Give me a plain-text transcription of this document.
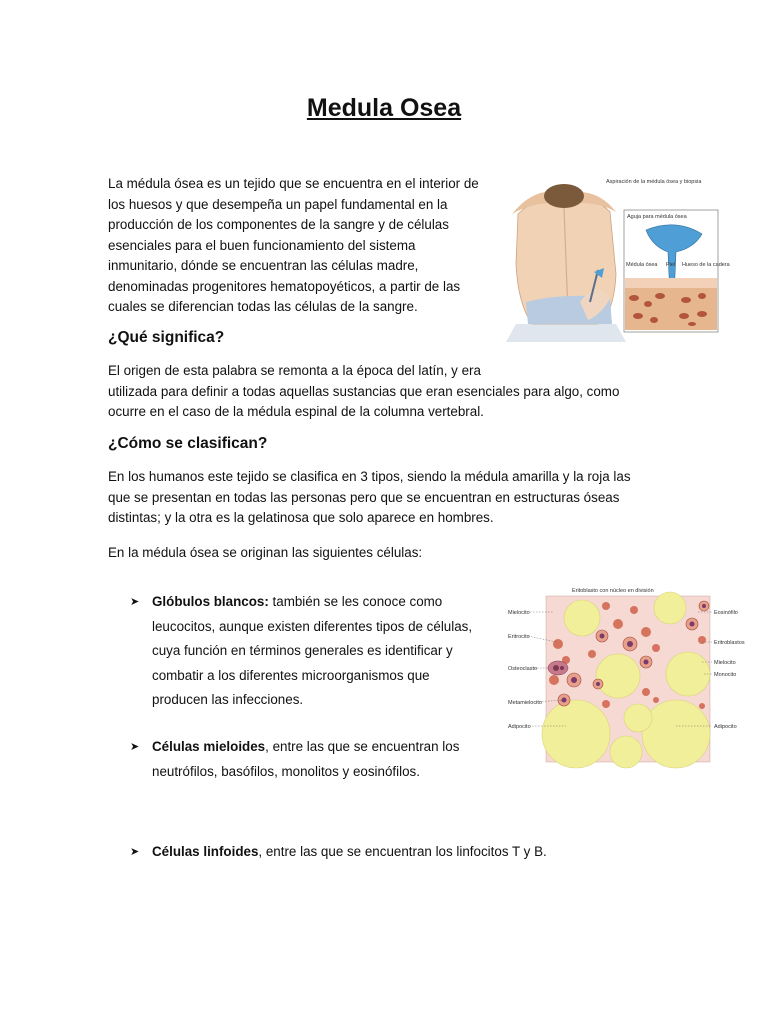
Medula Osea

La médula ósea es un tejido que se encuentra en el interior de
los huesos y que desempeña un papel fundamental en la
producción de los componentes de la sangre y de células
esenciales para el buen funcionamiento del sistema
inmunitario, dónde se encuentran las células madre,
denominadas progenitores hematopoyéticos, a partir de las
cuales se diferencian todas las células de la sangre.

Aspiración de la médula ósea y biopsia
Aguja para médula ósea
Médula ósea Piel Hueso de la cadera
¿Qué significa?

El origen de esta palabra se remonta a la época del latín, y era
utilizada para definir a todas aquellas sustancias que eran esenciales para algo, como
ocurre en el caso de la médula espinal de la columna vertebral.

¿Cómo se clasifican?

En los humanos este tejido se clasifica en 3 tipos, siendo la médula amarilla y la roja las
que se presentan en todas las personas pero que se encuentran en estructuras óseas
distintas; y la otra es la gelatinosa que solo aparece en hombres.

En la médula ósea se originan las siguientes células:

➤ Glóbulos blancos: también se les conoce como
leucocitos, aunque existen diferentes tipos de células,
cuya función en términos generales es identificar y
combatir a los diferentes microorganismos que
producen las infecciones.
➤ Células mieloides, entre las que se encuentran los
neutrófilos, basófilos, monolitos y eosinófilos.
➤ Células linfoides, entre las que se encuentran los linfocitos T y B.
Eritoblasto con núcleo en división
Mielocito
Eritrocito
Osteoclasto
Metamielocito
Adipocito
Eosinófilo
Eritroblastos
Mielocito
Monocito
Adipocito
